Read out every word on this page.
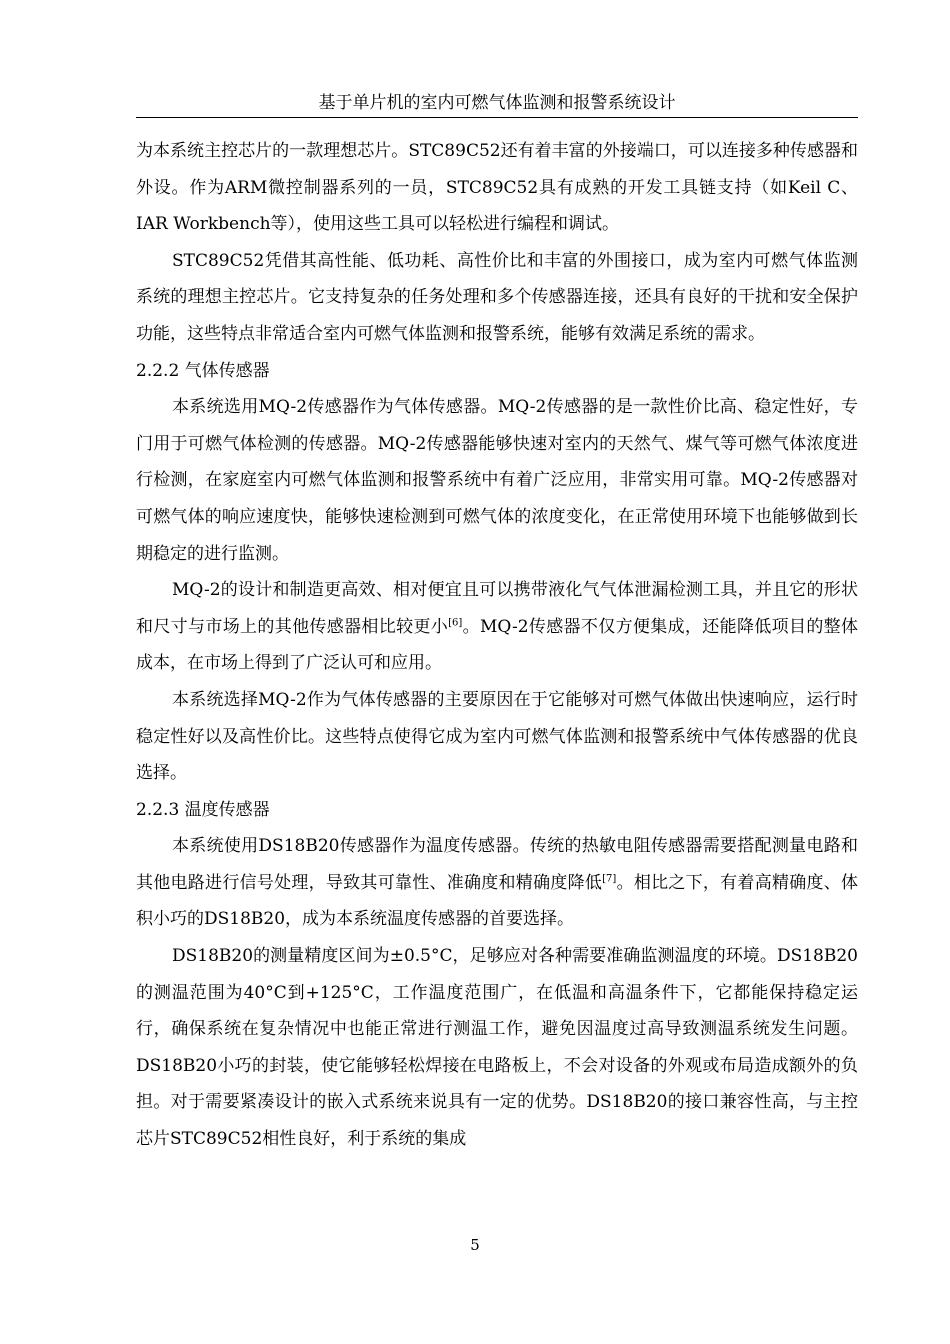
基于单片机的室内可燃气体监测和报警系统设计

为本系统主控芯片的一款理想芯片。STC89C52还有着丰富的外接端口，可以连接多种传感器和外设。作为ARM微控制器系列的一员，STC89C52具有成熟的开发工具链支持（如Keil C、IAR Workbench等），使用这些工具可以轻松进行编程和调试。

STC89C52凭借其高性能、低功耗、高性价比和丰富的外围接口，成为室内可燃气体监测系统的理想主控芯片。它支持复杂的任务处理和多个传感器连接，还具有良好的干扰和安全保护功能，这些特点非常适合室内可燃气体监测和报警系统，能够有效满足系统的需求。

2.2.2 气体传感器

本系统选用MQ-2传感器作为气体传感器。MQ-2传感器的是一款性价比高、稳定性好，专门用于可燃气体检测的传感器。MQ-2传感器能够快速对室内的天然气、煤气等可燃气体浓度进行检测，在家庭室内可燃气体监测和报警系统中有着广泛应用，非常实用可靠。MQ-2传感器对可燃气体的响应速度快，能够快速检测到可燃气体的浓度变化，在正常使用环境下也能够做到长期稳定的进行监测。

MQ-2的设计和制造更高效、相对便宜且可以携带液化气气体泄漏检测工具，并且它的形状和尺寸与市场上的其他传感器相比较更小[6]。MQ-2传感器不仅方便集成，还能降低项目的整体成本，在市场上得到了广泛认可和应用。

本系统选择MQ-2作为气体传感器的主要原因在于它能够对可燃气体做出快速响应，运行时稳定性好以及高性价比。这些特点使得它成为室内可燃气体监测和报警系统中气体传感器的优良选择。

2.2.3 温度传感器

本系统使用DS18B20传感器作为温度传感器。传统的热敏电阻传感器需要搭配测量电路和其他电路进行信号处理，导致其可靠性、准确度和精确度降低[7]。相比之下，有着高精确度、体积小巧的DS18B20，成为本系统温度传感器的首要选择。

DS18B20的测量精度区间为±0.5°C，足够应对各种需要准确监测温度的环境。DS18B20的测温范围为40°C到+125°C，工作温度范围广，在低温和高温条件下，它都能保持稳定运行，确保系统在复杂情况中也能正常进行测温工作，避免因温度过高导致测温系统发生问题。DS18B20小巧的封装，使它能够轻松焊接在电路板上，不会对设备的外观或布局造成额外的负担。对于需要紧凑设计的嵌入式系统来说具有一定的优势。DS18B20的接口兼容性高，与主控芯片STC89C52相性良好，利于系统的集成

5
